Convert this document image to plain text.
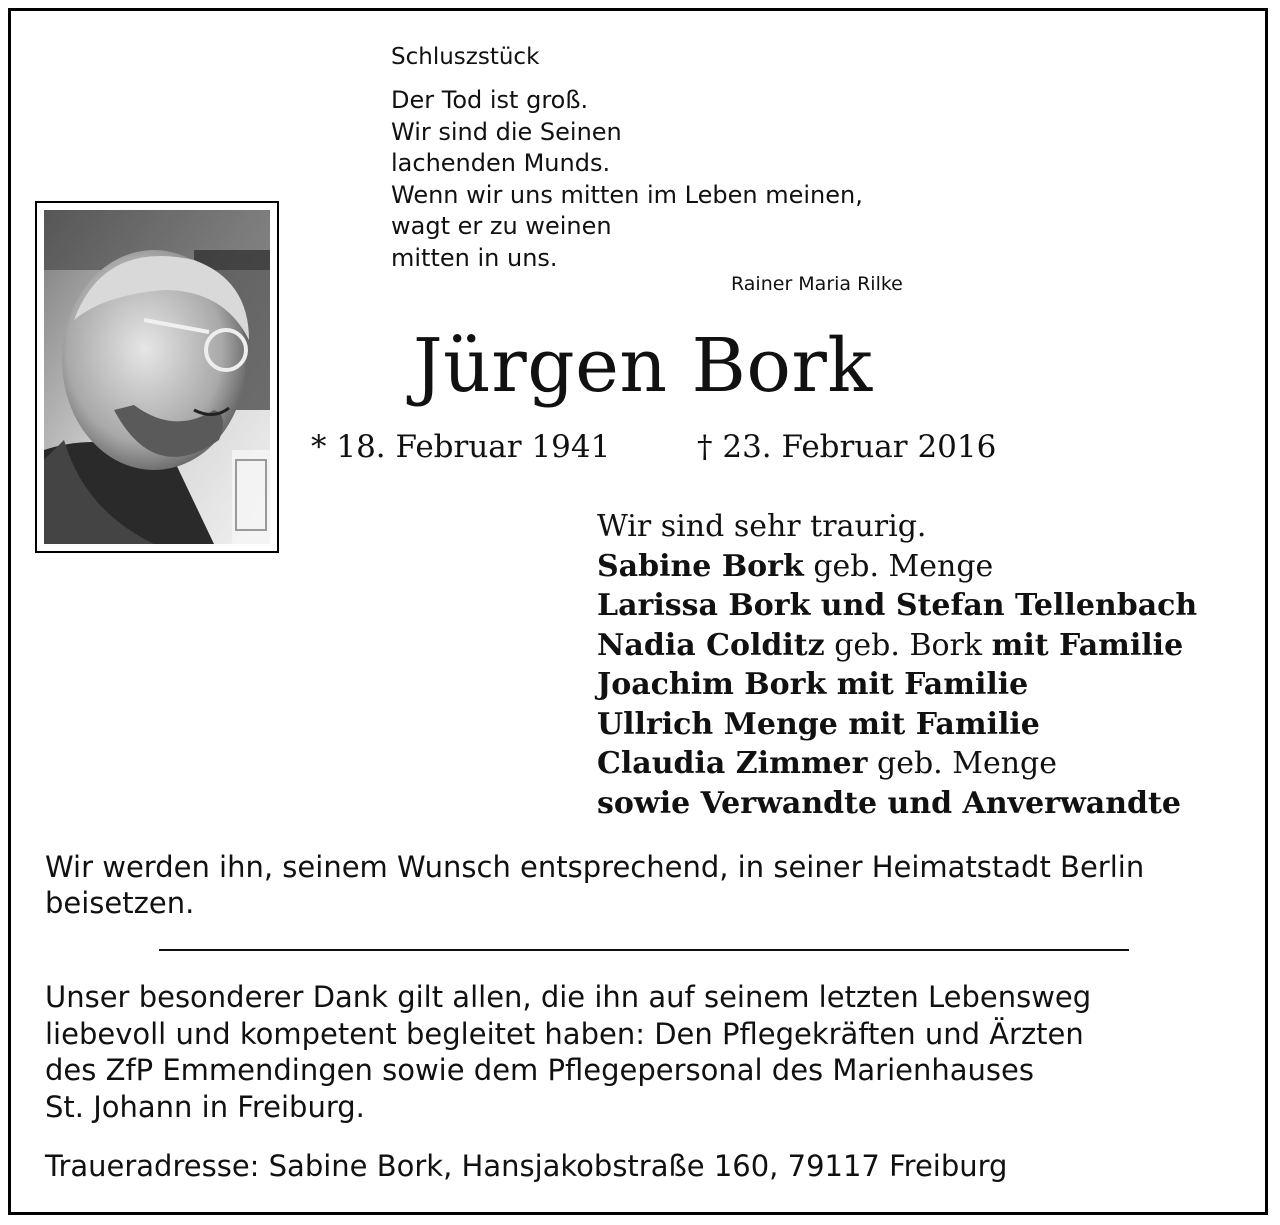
Schluszstück
Der Tod ist groß.
Wir sind die Seinen
lachenden Munds.
Wenn wir uns mitten im Leben meinen,
wagt er zu weinen
mitten in uns.
Rainer Maria Rilke
Jürgen Bork
* 18. Februar 1941	† 23. Februar 2016
Wir sind sehr traurig.
Sabine Bork geb. Menge
Larissa Bork und Stefan Tellenbach
Nadia Colditz geb. Bork mit Familie
Joachim Bork mit Familie
Ullrich Menge mit Familie
Claudia Zimmer geb. Menge
sowie Verwandte und Anverwandte
Wir werden ihn, seinem Wunsch entsprechend, in seiner Heimatstadt Berlin beisetzen.
Unser besonderer Dank gilt allen, die ihn auf seinem letzten Lebensweg
liebevoll und kompetent begleitet haben: Den Pflegekräften und Ärzten
des ZfP Emmendingen sowie dem Pflegepersonal des Marienhauses
St. Johann in Freiburg.
Traueradresse: Sabine Bork, Hansjakobstraße 160, 79117 Freiburg
